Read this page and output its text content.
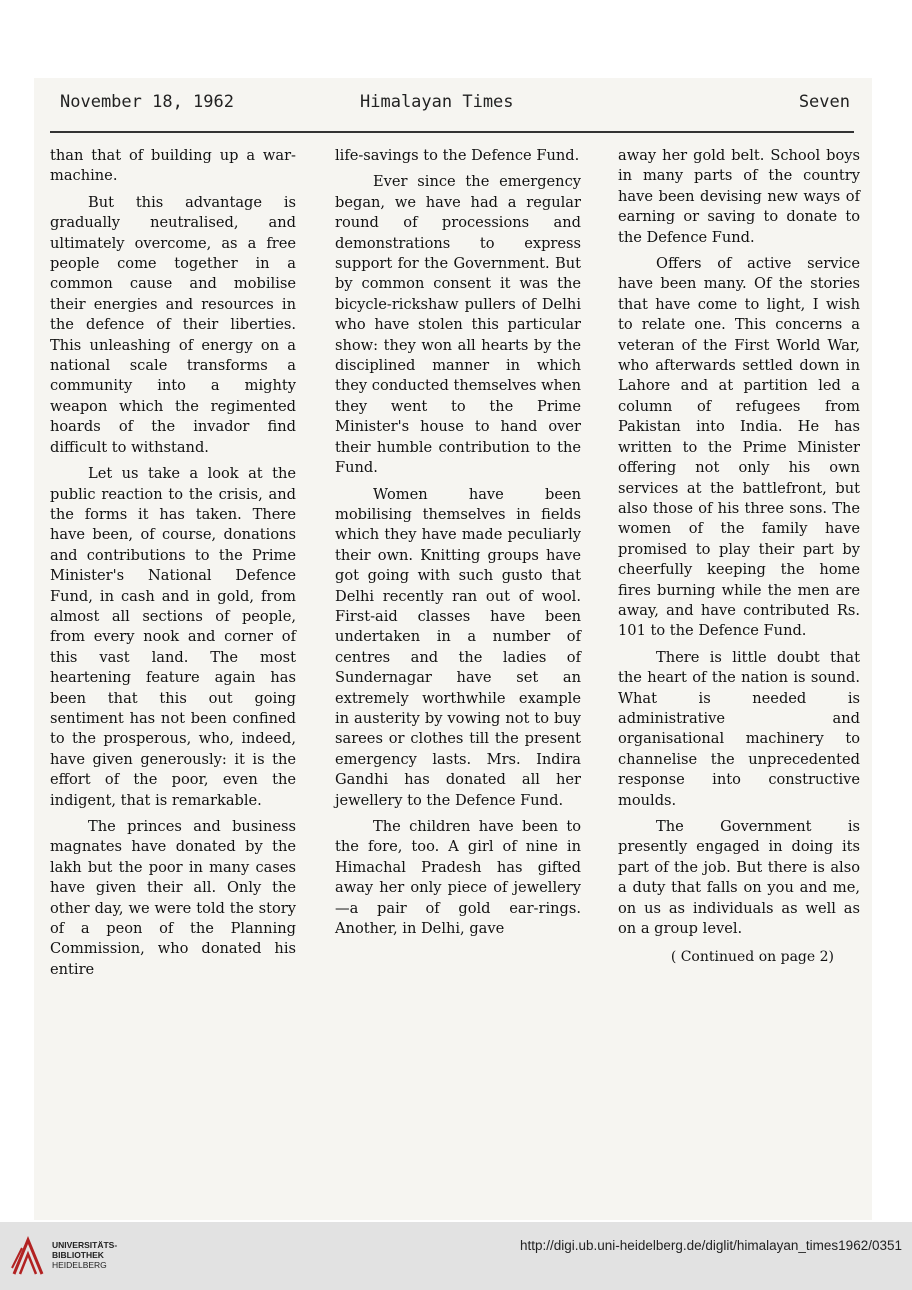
November 18, 1962	Himalayan Times	Seven

than that of building up a war-machine.

But this advantage is gradually neutralised, and ultimately overcome, as a free people come together in a common cause and mobilise their energies and resources in the defence of their liberties. This unleashing of energy on a national scale transforms a community into a mighty weapon which the regimented hoards of the invador find difficult to withstand.

Let us take a look at the public reaction to the crisis, and the forms it has taken. There have been, of course, donations and contributions to the Prime Minister's National Defence Fund, in cash and in gold, from almost all sections of people, from every nook and corner of this vast land. The most heartening feature again has been that this out going sentiment has not been confined to the prosperous, who, indeed, have given generously: it is the effort of the poor, even the indigent, that is remarkable.

The princes and business magnates have donated by the lakh but the poor in many cases have given their all. Only the other day, we were told the story of a peon of the Planning Commission, who donated his entire

life-savings to the Defence Fund.

Ever since the emergency began, we have had a regular round of processions and demonstrations to express support for the Government. But by common consent it was the bicycle-rickshaw pullers of Delhi who have stolen this particular show: they won all hearts by the disciplined manner in which they conducted themselves when they went to the Prime Minister's house to hand over their humble contribution to the Fund.

Women have been mobilising themselves in fields which they have made peculiarly their own. Knitting groups have got going with such gusto that Delhi recently ran out of wool. First-aid classes have been undertaken in a number of centres and the ladies of Sundernagar have set an extremely worthwhile example in austerity by vowing not to buy sarees or clothes till the present emergency lasts. Mrs. Indira Gandhi has donated all her jewellery to the Defence Fund.

The children have been to the fore, too. A girl of nine in Himachal Pradesh has gifted away her only piece of jewellery —a pair of gold ear-rings. Another, in Delhi, gave

away her gold belt. School boys in many parts of the country have been devising new ways of earning or saving to donate to the Defence Fund.

Offers of active service have been many. Of the stories that have come to light, I wish to relate one. This concerns a veteran of the First World War, who afterwards settled down in Lahore and at partition led a column of refugees from Pakistan into India. He has written to the Prime Minister offering not only his own services at the battlefront, but also those of his three sons. The women of the family have promised to play their part by cheerfully keeping the home fires burning while the men are away, and have contributed Rs. 101 to the Defence Fund.

There is little doubt that the heart of the nation is sound. What is needed is administrative and organisational machinery to channelise the unprecedented response into constructive moulds.

The Government is presently engaged in doing its part of the job. But there is also a duty that falls on you and me, on us as individuals as well as on a group level.

( Continued on page 2)

UNIVERSITÄTS-
BIBLIOTHEK
HEIDELBERG
http://digi.ub.uni-heidelberg.de/diglit/himalayan_times1962/0351
